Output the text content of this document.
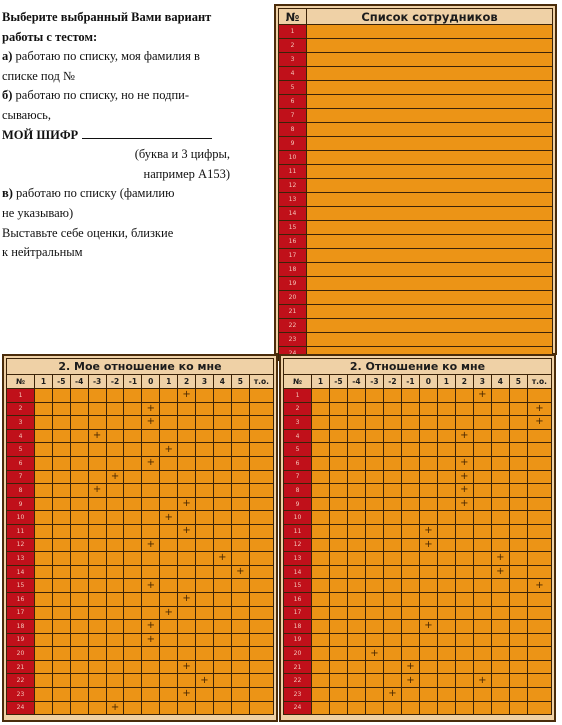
Выберите выбранный Вами вариант

работы с тестом:

а) работаю по списку, моя фамилия в

списке под №

б) работаю по списку, но не подпи-

сываюсь,

МОЙ ШИФР

(буква и 3 цифры,

например А153)

в) работаю по списку (фамилию

не указываю)

Выставьте себе оценки, близкие

к нейтральным

№	Список сотрудников
1	
2	
3	
4	
5	
6	
7	
8	
9	
10	
11	
12	
13	
14	
15	
16	
17	
18	
19	
20	
21	
22	
23	

2. Мое отношение ко мне													
№	1	-5	-4	-3	-2	-1	0	1	2	3	4	5	т.о.
1									+				
2							+						
3							+						
4				+									
5								+					
6							+						
7					+								
8				+									
9									+				
10								+					
11									+				
12							+						
13											+		
14												+	
15							+						
16									+				
17								+					
18							+						
19							+						
20													
21									+				
22										+			
23									+				
24					+								
2. Отношение ко мне													
№	1	-5	-4	-3	-2	-1	0	1	2	3	4	5	т.о.
1										+			
2													+
3													+
4									+				
5													
6									+				
7									+				
8									+				
9									+				
10													
11							+						
12							+						
13											+		
14											+		
15													+
16													
17													
18							+						
19													
20				+									
21						+							
22						+				+			
23					+								
24													
